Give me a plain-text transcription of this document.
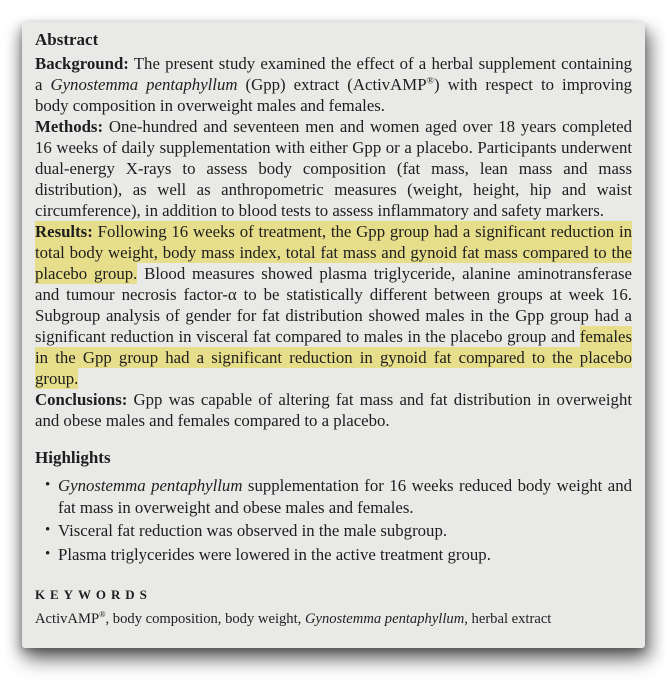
Abstract

Background: The present study examined the effect of a herbal supplement containing a Gynostemma pentaphyllum (Gpp) extract (ActivAMP®) with respect to improving body composition in overweight males and females.

Methods: One-hundred and seventeen men and women aged over 18 years completed 16 weeks of daily supplementation with either Gpp or a placebo. Participants underwent dual-energy X-rays to assess body composition (fat mass, lean mass and mass distribution), as well as anthropometric measures (weight, height, hip and waist circumference), in addition to blood tests to assess inflammatory and safety markers.

Results: Following 16 weeks of treatment, the Gpp group had a significant reduction in total body weight, body mass index, total fat mass and gynoid fat mass compared to the placebo group. Blood measures showed plasma triglyceride, alanine aminotransferase and tumour necrosis factor-α to be statistically different between groups at week 16. Subgroup analysis of gender for fat distribution showed males in the Gpp group had a significant reduction in visceral fat compared to males in the placebo group and females in the Gpp group had a significant reduction in gynoid fat compared to the placebo group.

Conclusions: Gpp was capable of altering fat mass and fat distribution in overweight and obese males and females compared to a placebo.

Highlights
• Gynostemma pentaphyllum supplementation for 16 weeks reduced body weight and fat mass in overweight and obese males and females.
• Visceral fat reduction was observed in the male subgroup.
• Plasma triglycerides were lowered in the active treatment group.
KEYWORDS

ActivAMP®, body composition, body weight, Gynostemma pentaphyllum, herbal extract
